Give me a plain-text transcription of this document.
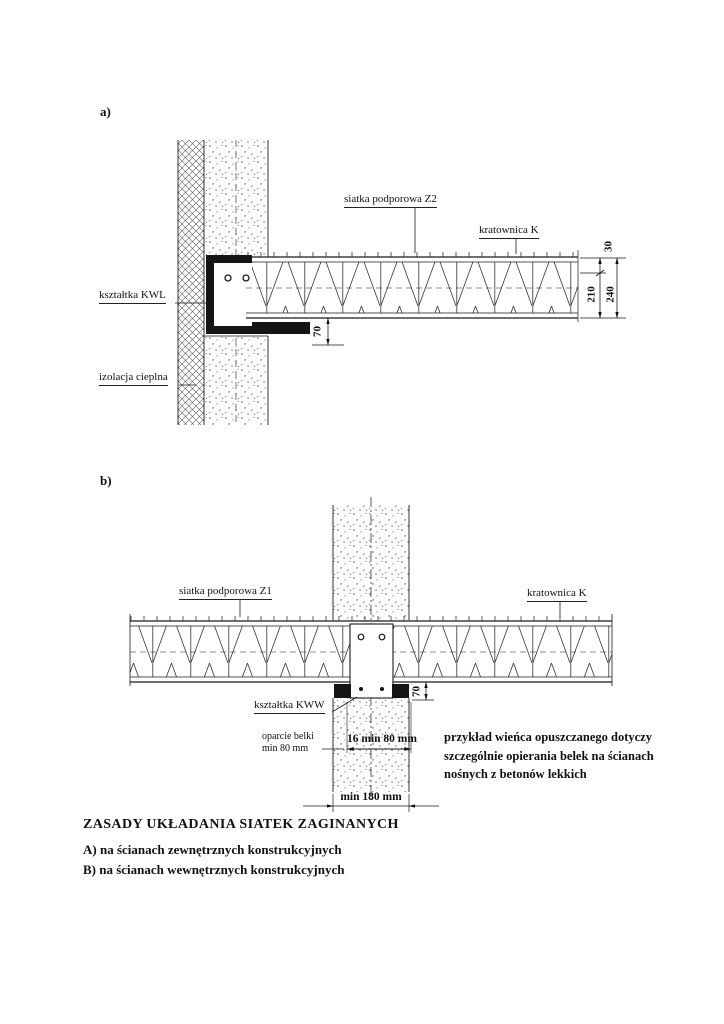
a)
siatka podporowa Z2
kratownica K
kształtka KWL
izolacja cieplna
30
210 240
70
b)
siatka podporowa Z1	kratownica K
kształtka KWW
oparcie belki
min 80 mm
16 min 80 mm
70
min 180 mm
przykład wieńca opuszczanego dotyczy
szczególnie opierania belek na ścianach
nośnych z betonów lekkich
ZASADY UKŁADANIA SIATEK ZAGINANYCH
A) na ścianach zewnętrznych konstrukcyjnych
B) na ścianach wewnętrznych konstrukcyjnych
